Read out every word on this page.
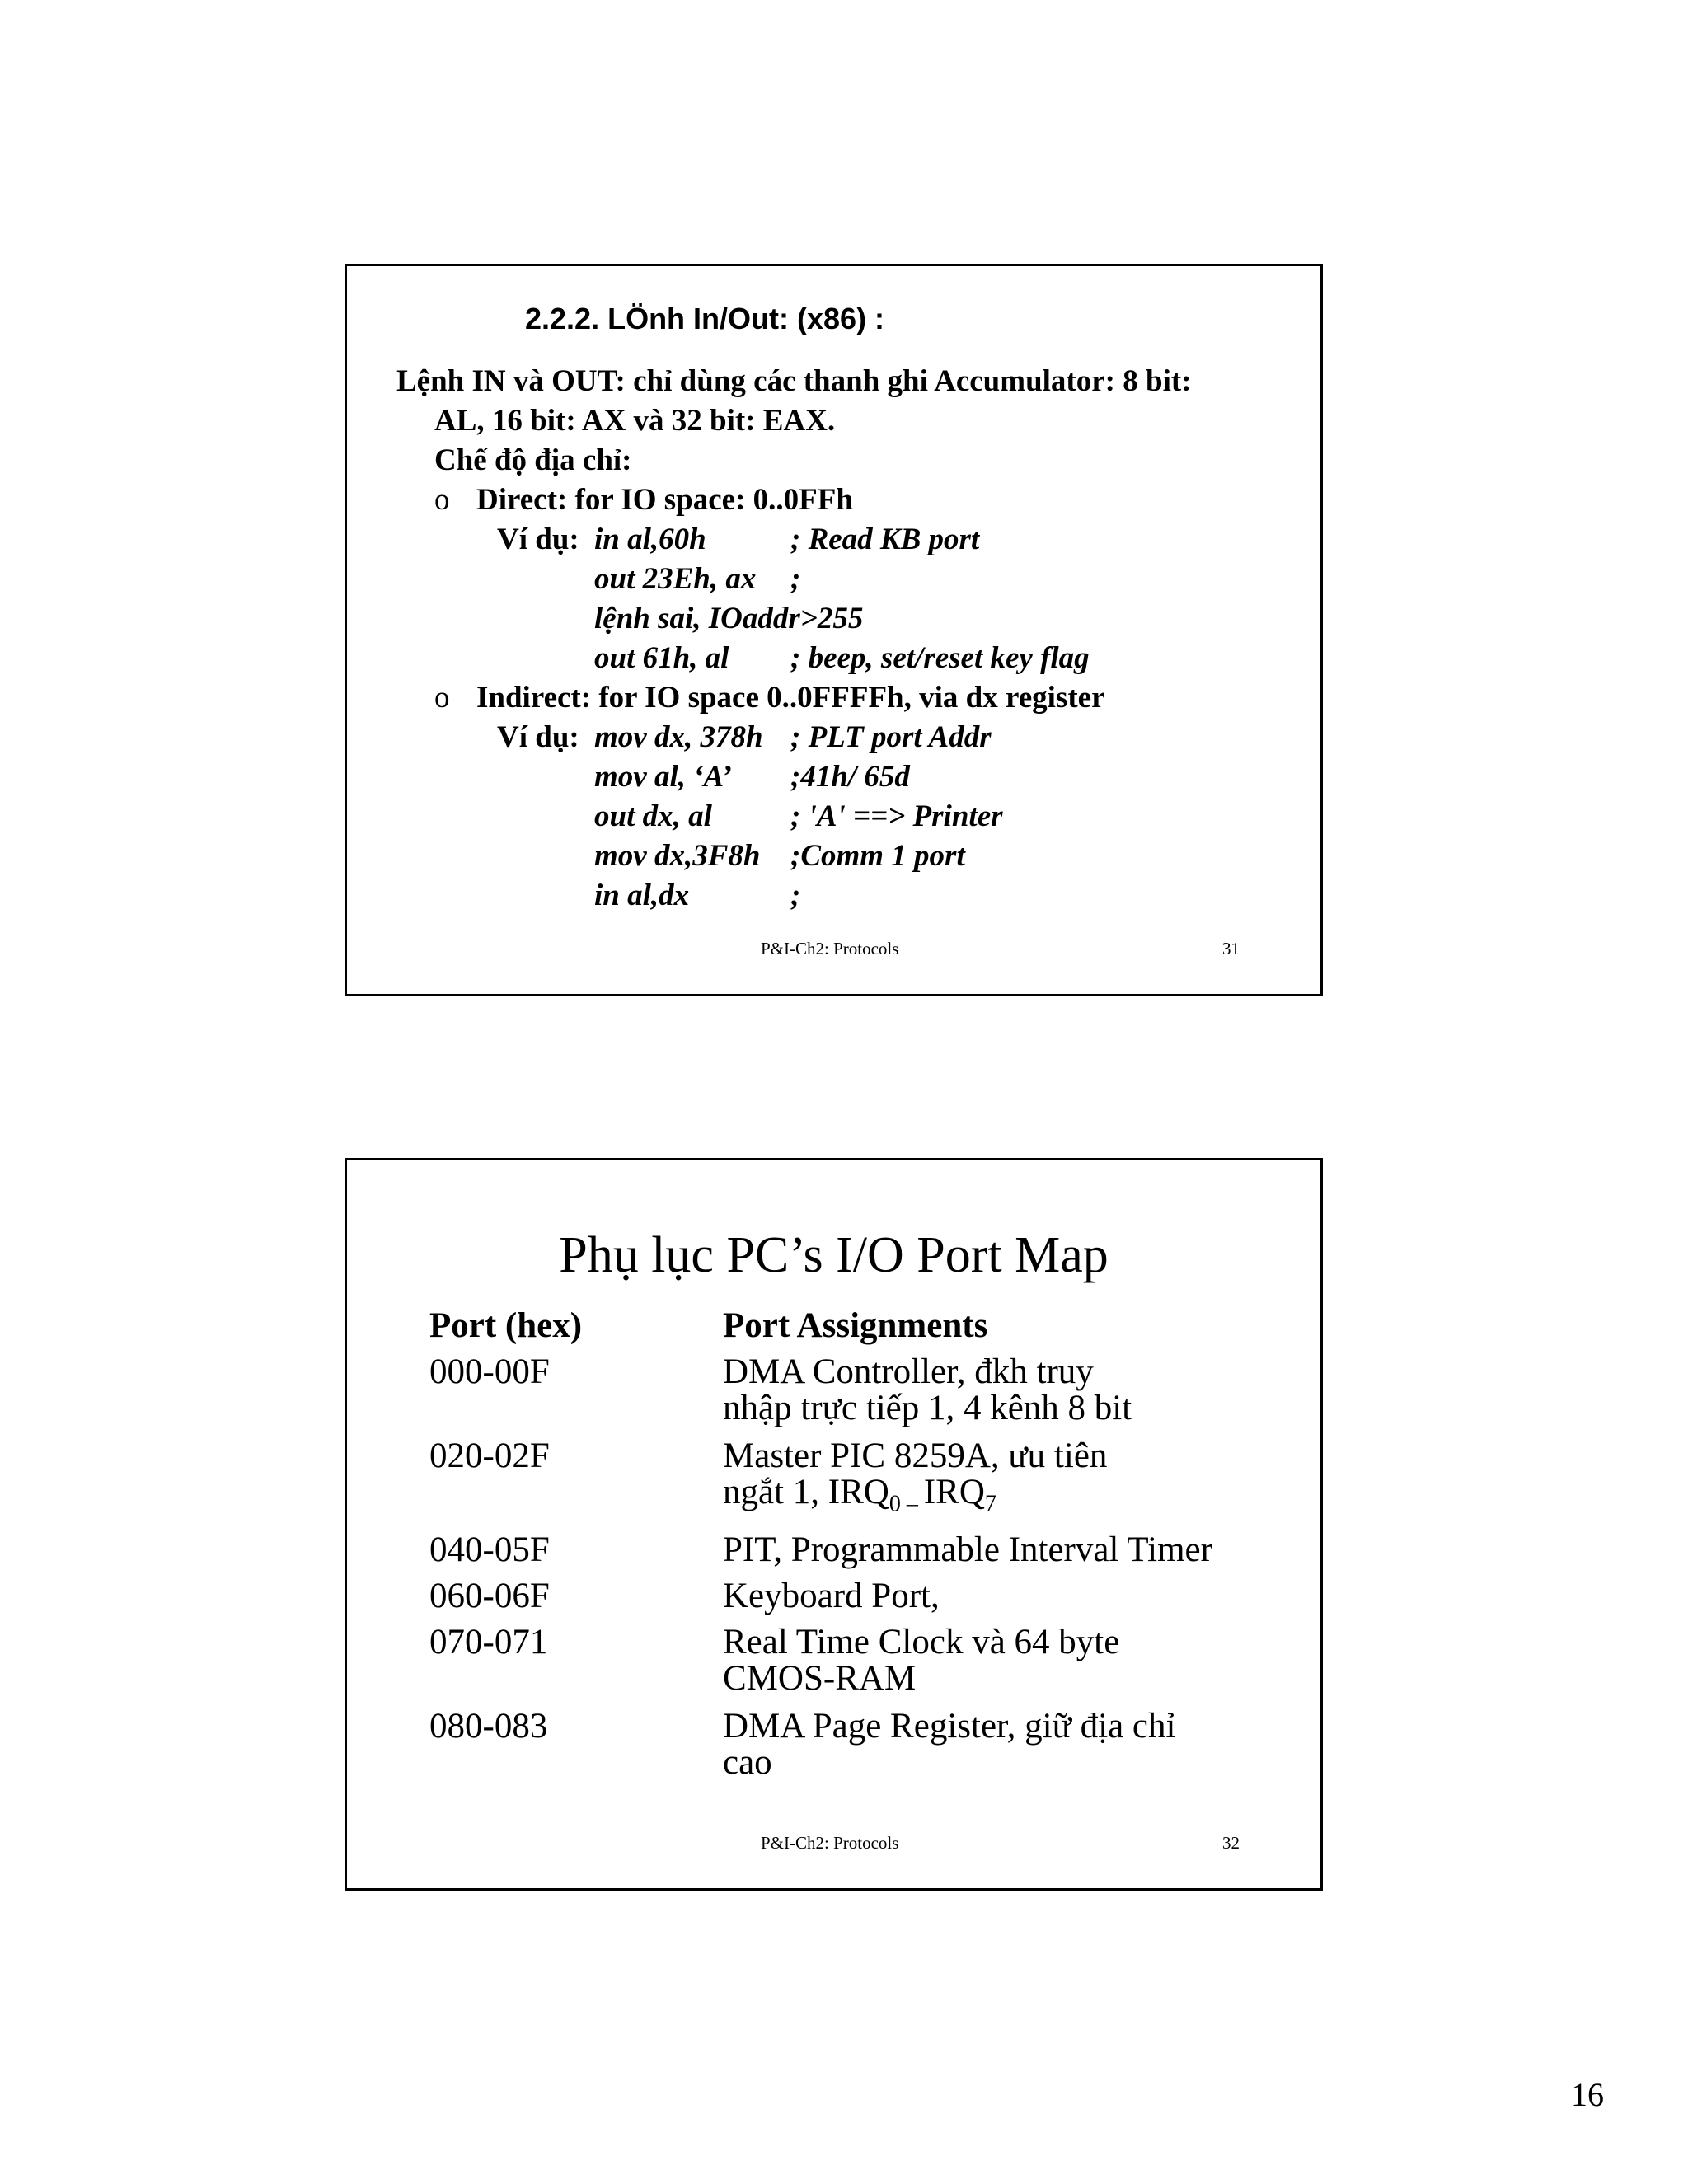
2.2.2. LÖnh In/Out: (x86) :
Lệnh IN và OUT: chỉ dùng các thanh ghi Accumulator: 8 bit:
AL, 16 bit: AX và 32 bit: EAX.
Chế độ địa chỉ:
o Direct: for IO space: 0..0FFh
Ví dụ: in al,60h	; Read KB port
out 23Eh, ax ;
lệnh sai, IOaddr>255
out 61h, al ; beep, set/reset key flag
o Indirect: for IO space 0..0FFFFh, via dx register
Ví dụ: mov dx, 378h ; PLT port Addr
mov al, ‘A’ ;41h/ 65d
out dx, al	; 'A' ==> Printer
mov dx,3F8h ;Comm 1 port
in al,dx	;
P&I-Ch2: Protocols	31
Phụ lục PC’s I/O Port Map
Port (hex)	Port Assignments
000-00F	DMA Controller, đkh truy
nhập trực tiếp 1, 4 kênh 8 bit
020-02F	Master PIC 8259A, ưu tiên
ngắt 1, $IRQ_{0 -}$ $IRQ_7$
040-05F	PIT, Programmable Interval Timer
060-06F	Keyboard Port,
070-071	Real Time Clock và 64 byte
CMOS-RAM
080-083	DMA Page Register, giữ địa chỉ
cao
P&I-Ch2: Protocols	32
16
